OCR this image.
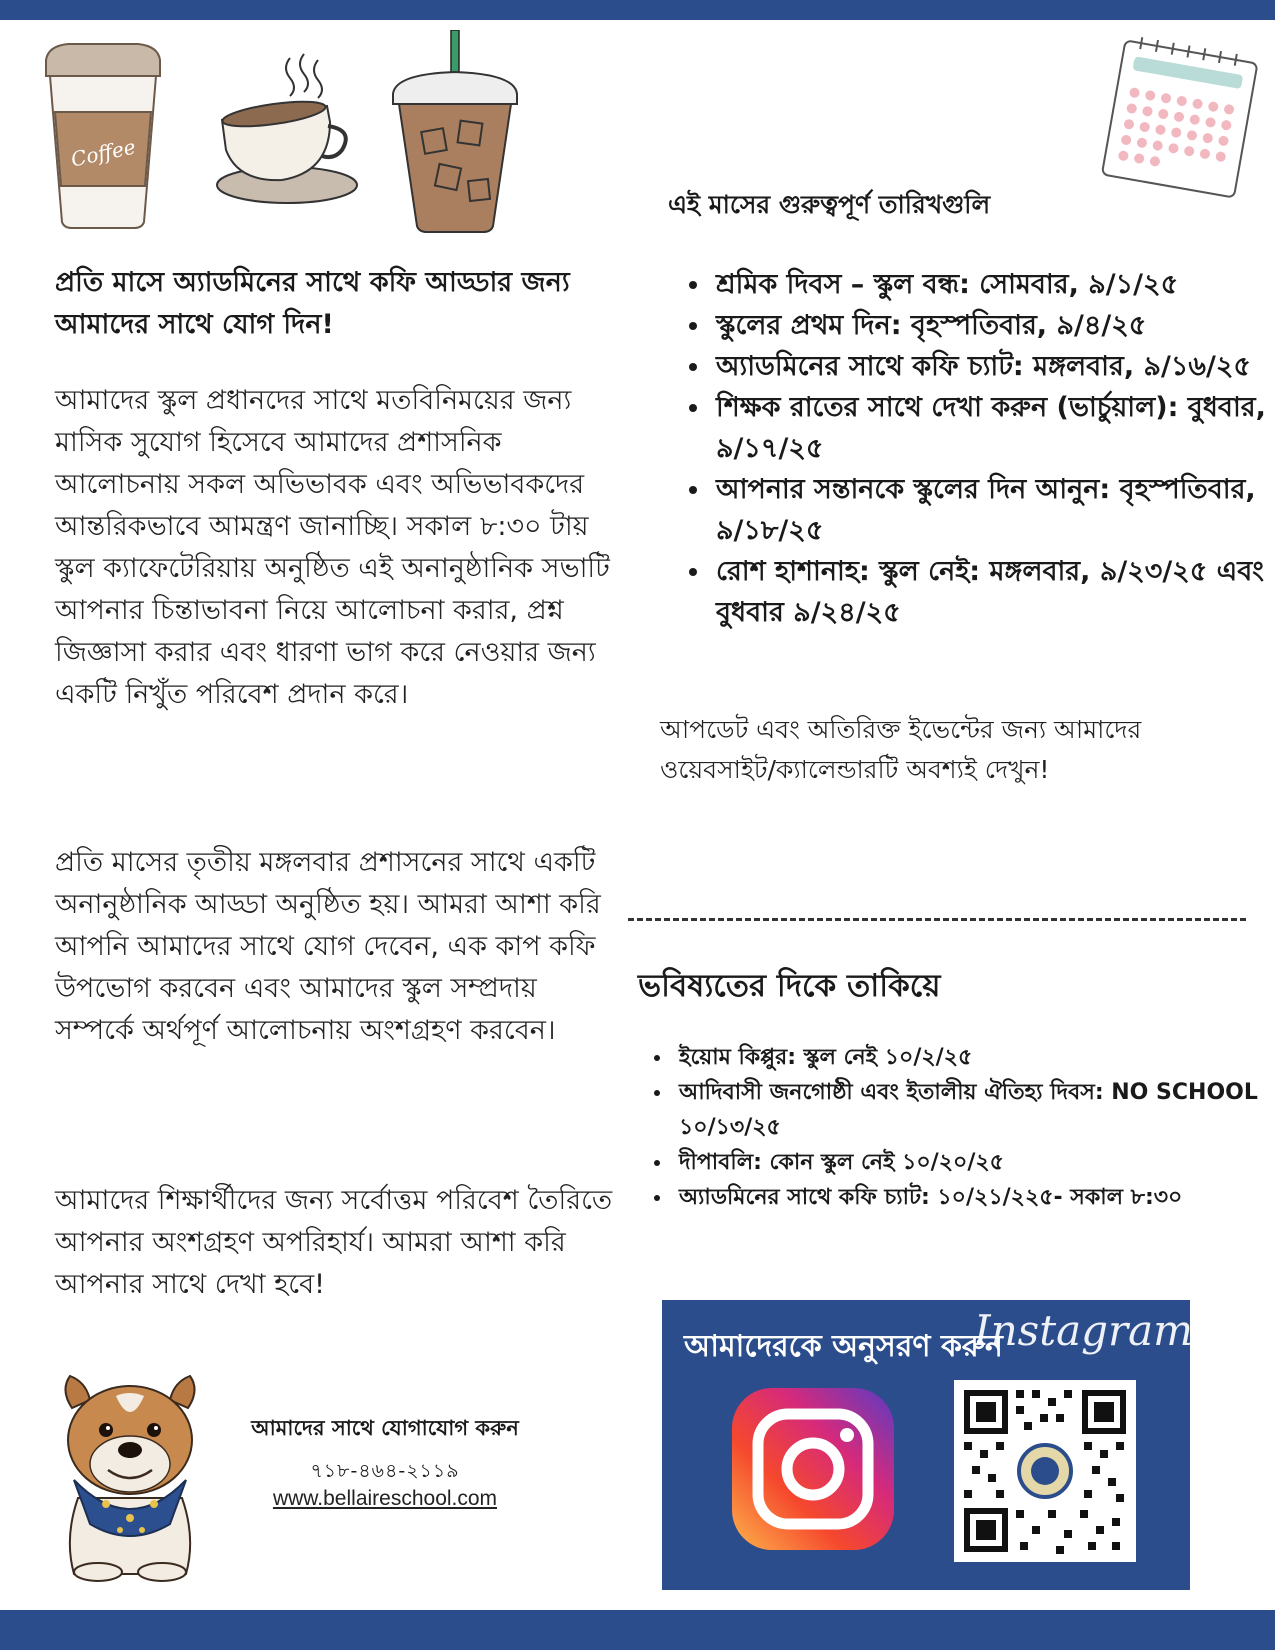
Coffee

প্রতি মাসে অ্যাডমিনের সাথে কফি আড্ডার জন্য আমাদের সাথে যোগ দিন!

আমাদের স্কুল প্রধানদের সাথে মতবিনিময়ের জন্য মাসিক সুযোগ হিসেবে আমাদের প্রশাসনিক আলোচনায় সকল অভিভাবক এবং অভিভাবকদের আন্তরিকভাবে আমন্ত্রণ জানাচ্ছি। সকাল ৮:৩০ টায় স্কুল ক্যাফেটেরিয়ায় অনুষ্ঠিত এই অনানুষ্ঠানিক সভাটি আপনার চিন্তাভাবনা নিয়ে আলোচনা করার, প্রশ্ন জিজ্ঞাসা করার এবং ধারণা ভাগ করে নেওয়ার জন্য একটি নিখুঁত পরিবেশ প্রদান করে।

প্রতি মাসের তৃতীয় মঙ্গলবার প্রশাসনের সাথে একটি অনানুষ্ঠানিক আড্ডা অনুষ্ঠিত হয়। আমরা আশা করি আপনি আমাদের সাথে যোগ দেবেন, এক কাপ কফি উপভোগ করবেন এবং আমাদের স্কুল সম্প্রদায় সম্পর্কে অর্থপূর্ণ আলোচনায় অংশগ্রহণ করবেন।

আমাদের শিক্ষার্থীদের জন্য সর্বোত্তম পরিবেশ তৈরিতে আপনার অংশগ্রহণ অপরিহার্য। আমরা আশা করি আপনার সাথে দেখা হবে!

আমাদের সাথে যোগাযোগ করুন

৭১৮-৪৬৪-২১১৯

www.bellaireschool.com

এই মাসের গুরুত্বপূর্ণ তারিখগুলি

• শ্রমিক দিবস – স্কুল বন্ধ: সোমবার, ৯/১/২৫
• স্কুলের প্রথম দিন: বৃহস্পতিবার, ৯/৪/২৫
• অ্যাডমিনের সাথে কফি চ্যাট: মঙ্গলবার, ৯/১৬/২৫
• শিক্ষক রাতের সাথে দেখা করুন (ভার্চুয়াল): বুধবার, ৯/১৭/২৫
• আপনার সন্তানকে স্কুলের দিন আনুন: বৃহস্পতিবার, ৯/১৮/২৫
• রোশ হাশানাহ: স্কুল নেই: মঙ্গলবার, ৯/২৩/২৫ এবং বুধবার ৯/২৪/২৫

আপডেট এবং অতিরিক্ত ইভেন্টের জন্য আমাদের ওয়েবসাইট/ক্যালেন্ডারটি অবশ্যই দেখুন!

ভবিষ্যতের দিকে তাকিয়ে

• ইয়োম কিপ্পুর: স্কুল নেই ১০/২/২৫
• আদিবাসী জনগোষ্ঠী এবং ইতালীয় ঐতিহ্য দিবস: NO SCHOOL ১০/১৩/২৫
• দীপাবলি: কোন স্কুল নেই ১০/২০/২৫
• অ্যাডমিনের সাথে কফি চ্যাট: ১০/২১/২২৫- সকাল ৮:৩০

আমাদেরকে অনুসরণ করুন

Instagram
